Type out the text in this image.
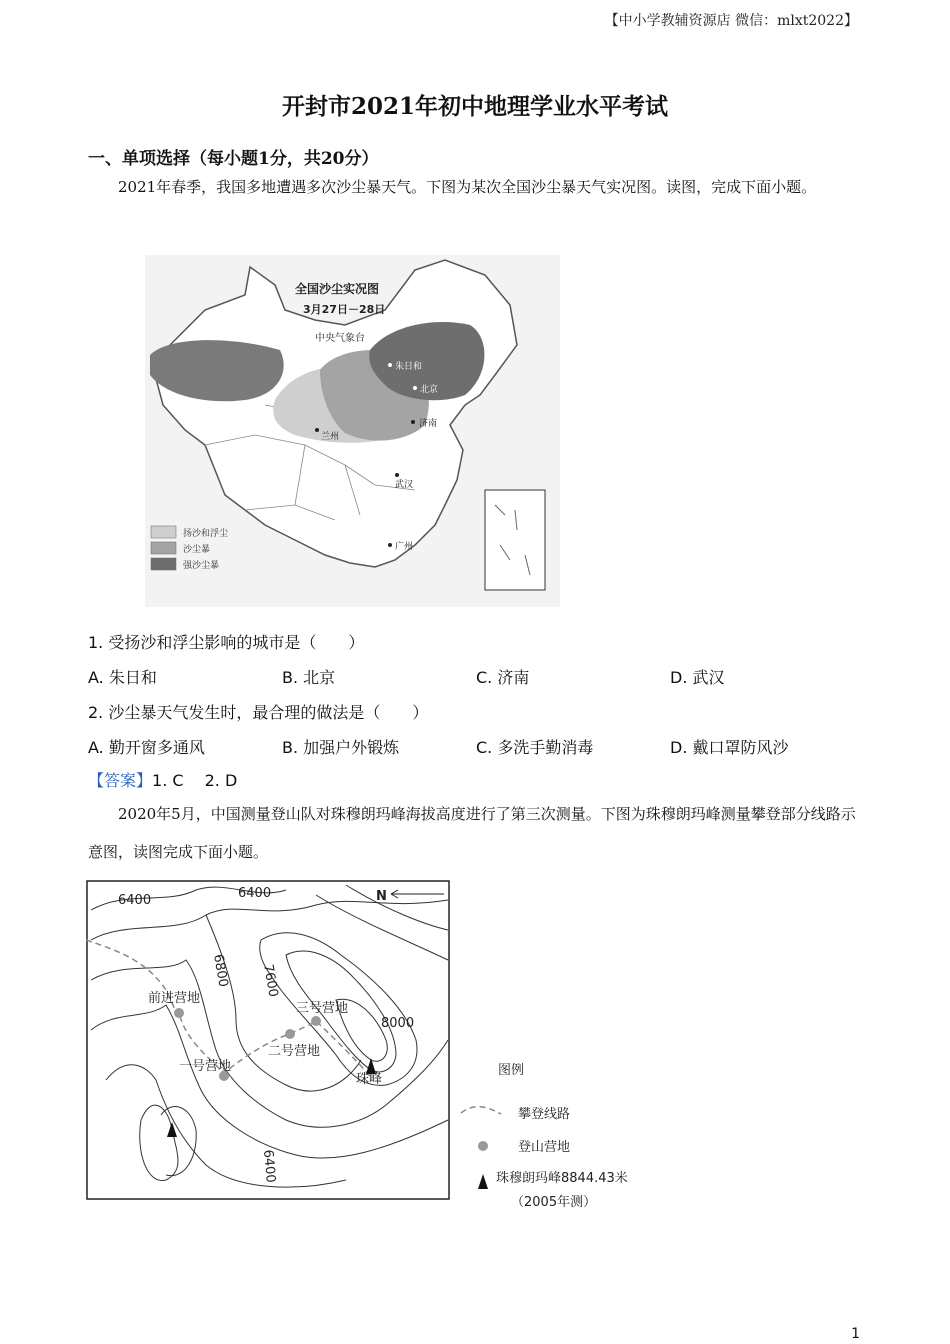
【中小学教辅资源店 微信：mlxt2022】
开封市2021年初中地理学业水平考试
一、单项选择（每小题1分，共20分）
2021年春季，我国多地遭遇多次沙尘暴天气。下图为某次全国沙尘暴天气实况图。读图，完成下面小题。
全国沙尘实况图
3月27日－28日
中央气象台
朱日和
北京
兰州
济南
武汉
广州
扬沙和浮尘
沙尘暴
强沙尘暴
1. 受扬沙和浮尘影响的城市是（　　）
A. 朱日和	B. 北京	C. 济南	D. 武汉
2. 沙尘暴天气发生时，最合理的做法是（　　）
A. 勤开窗多通风	B. 加强户外锻炼	C. 多洗手勤消毒	D. 戴口罩防风沙
【答案】1. C　 2. D
2020年5月，中国测量登山队对珠穆朗玛峰海拔高度进行了第三次测量。下图为珠穆朗玛峰测量攀登部分线路示意图，读图完成下面小题。
6400	6400
6800 7600
8000
6400
N
前进营地
一号营地
二号营地
三号营地
珠峰
图例
攀登线路
登山营地
珠穆朗玛峰8844.43米
（2005年测）
1
